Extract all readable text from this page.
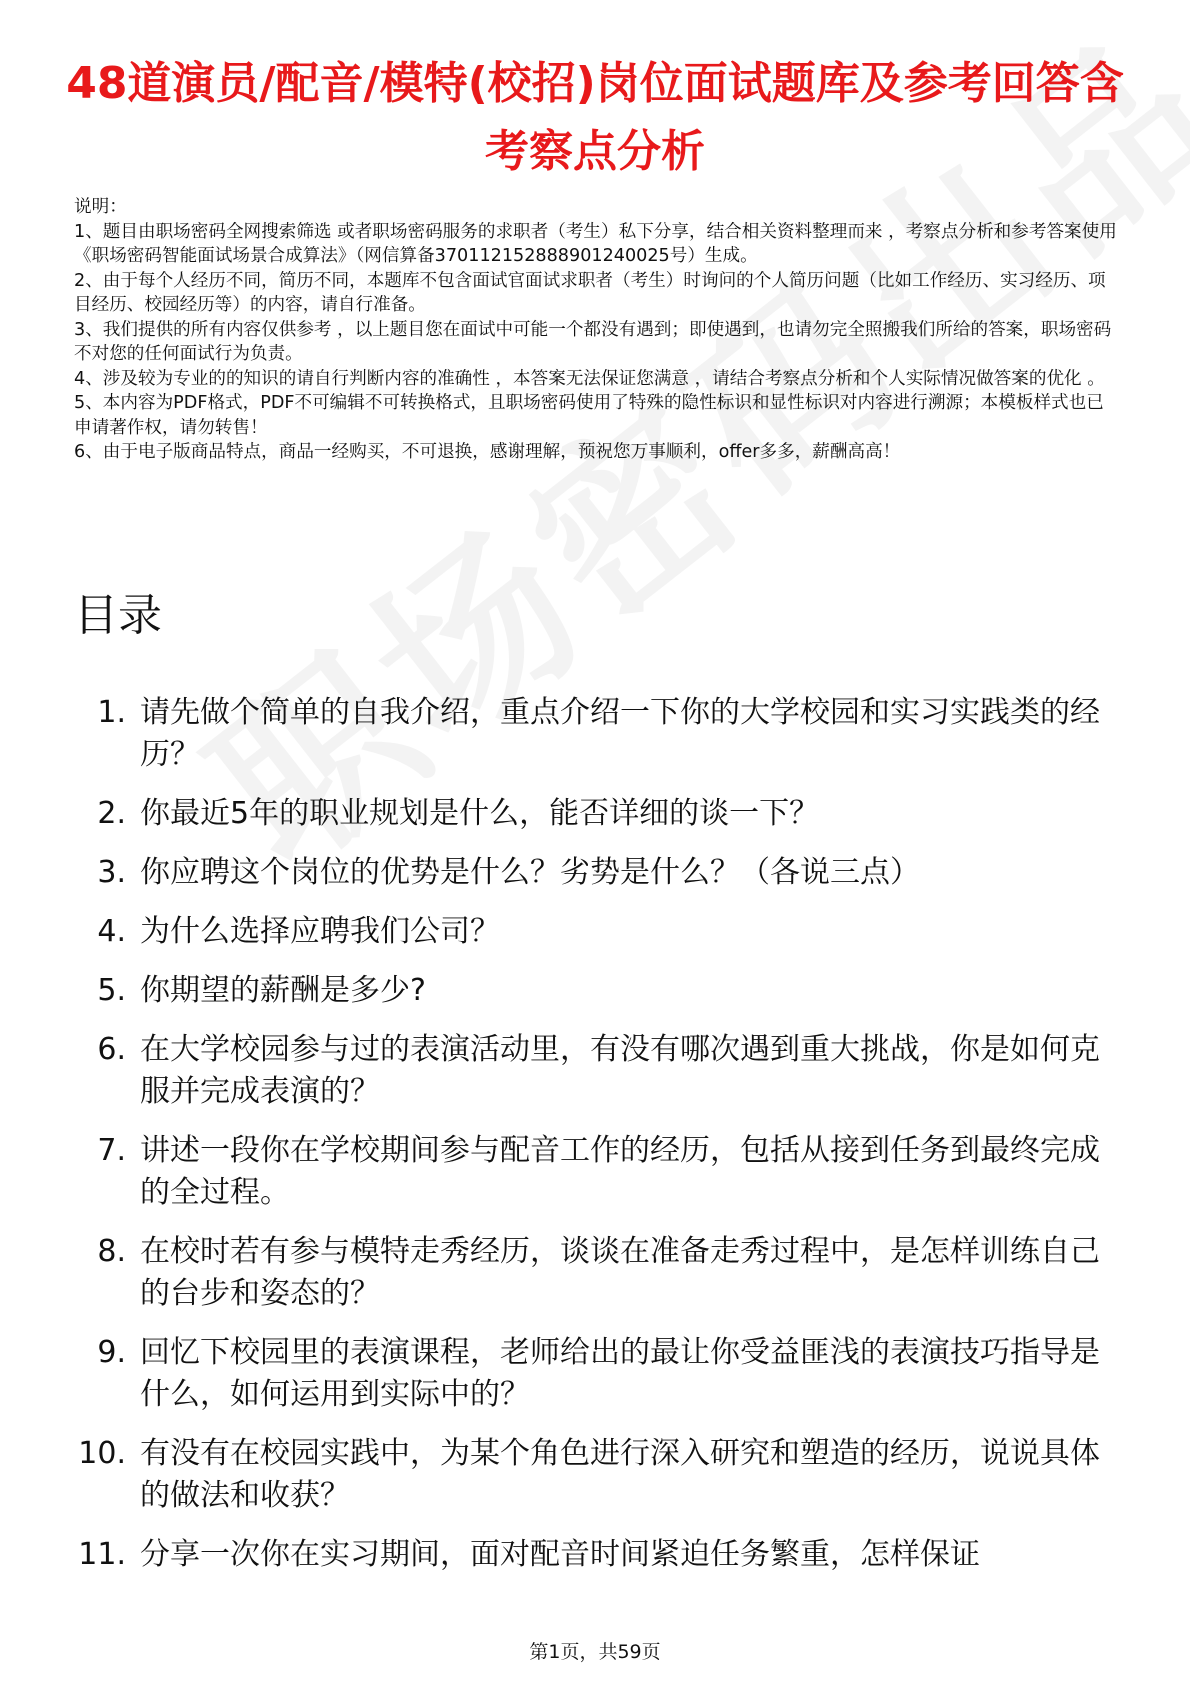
48道演员/配音/模特(校招)岗位面试题库及参考回答含考察点分析

说明：

1、题目由职场密码全网搜索筛选 或者职场密码服务的求职者（考生）私下分享，结合相关资料整理而来 ，考察点分析和参考答案使用《职场密码智能面试场景合成算法》（网信算备370112152888901240025号）生成。

2、由于每个人经历不同，简历不同，本题库不包含面试官面试求职者（考生）时询问的个人简历问题（比如工作经历、实习经历、项目经历、校园经历等）的内容，请自行准备。

3、我们提供的所有内容仅供参考 ，以上题目您在面试中可能一个都没有遇到；即使遇到，也请勿完全照搬我们所给的答案，职场密码不对您的任何面试行为负责。

4、涉及较为专业的的知识的请自行判断内容的准确性 ，本答案无法保证您满意 ，请结合考察点分析和个人实际情况做答案的优化 。

5、本内容为PDF格式，PDF不可编辑不可转换格式，且职场密码使用了特殊的隐性标识和显性标识对内容进行溯源；本模板样式也已申请著作权，请勿转售！

6、由于电子版商品特点，商品一经购买，不可退换，感谢理解，预祝您万事顺利，offer多多，薪酬高高！

目录
1. 请先做个简单的自我介绍，重点介绍一下你的大学校园和实习实践类的经历？
2. 你最近5年的职业规划是什么，能否详细的谈一下？
3. 你应聘这个岗位的优势是什么？劣势是什么？（各说三点）
4. 为什么选择应聘我们公司？
5. 你期望的薪酬是多少?
6. 在大学校园参与过的表演活动里，有没有哪次遇到重大挑战，你是如何克服并完成表演的？
7. 讲述一段你在学校期间参与配音工作的经历，包括从接到任务到最终完成的全过程。
8. 在校时若有参与模特走秀经历，谈谈在准备走秀过程中，是怎样训练自己的台步和姿态的？
9. 回忆下校园里的表演课程，老师给出的最让你受益匪浅的表演技巧指导是什么，如何运用到实际中的？
10. 有没有在校园实践中，为某个角色进行深入研究和塑造的经历，说说具体的做法和收获？
11. 分享一次你在实习期间，面对配音时间紧迫任务繁重，怎样保证
第1页，共59页
